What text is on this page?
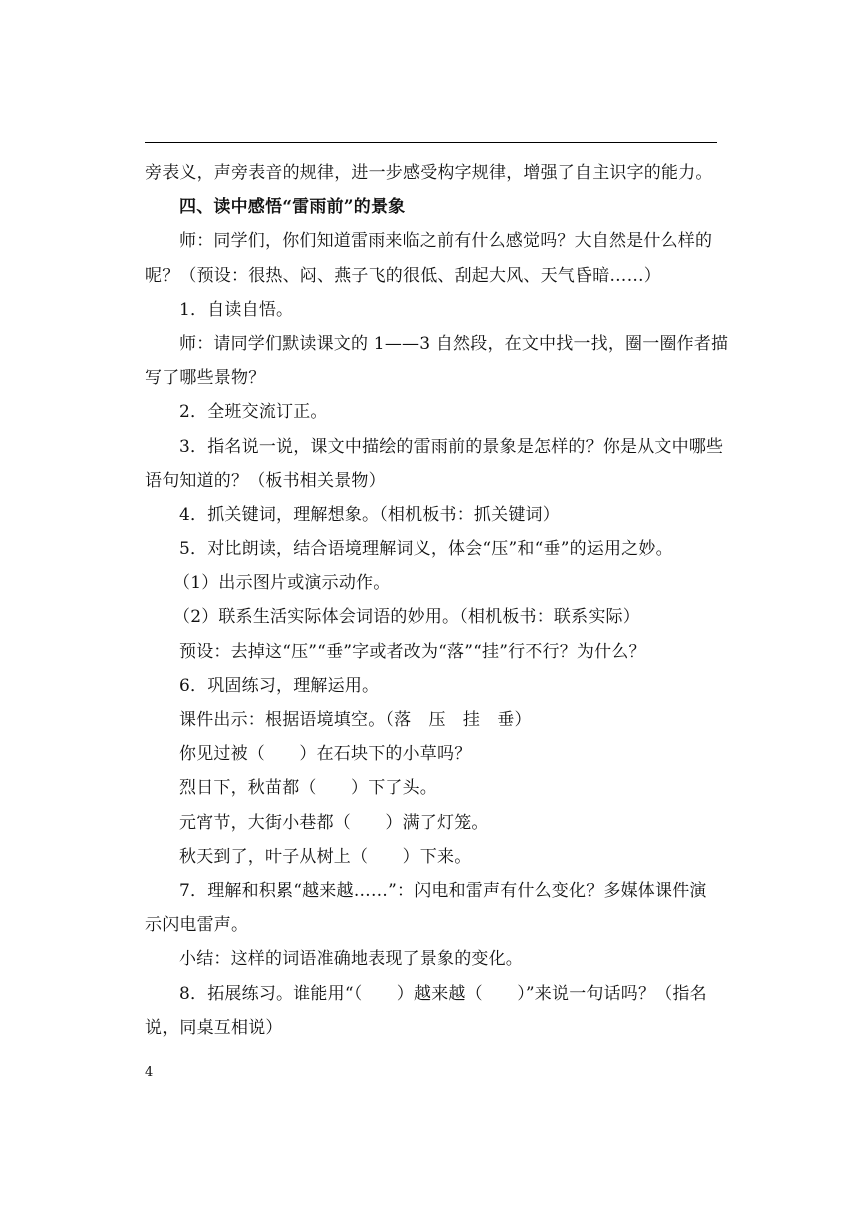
旁表义，声旁表音的规律，进一步感受构字规律，增强了自主识字的能力。
四、读中感悟“雷雨前”的景象
师：同学们，你们知道雷雨来临之前有什么感觉吗？大自然是什么样的
呢？（预设：很热、闷、燕子飞的很低、刮起大风、天气昏暗……）
1．自读自悟。
师：请同学们默读课文的 1——3 自然段，在文中找一找，圈一圈作者描
写了哪些景物？
2．全班交流订正。
3．指名说一说，课文中描绘的雷雨前的景象是怎样的？你是从文中哪些
语句知道的？（板书相关景物）
4．抓关键词，理解想象。（相机板书：抓关键词）
5．对比朗读，结合语境理解词义，体会“压”和“垂”的运用之妙。
（1）出示图片或演示动作。
（2）联系生活实际体会词语的妙用。（相机板书：联系实际）
预设：去掉这“压”“垂”字或者改为“落”“挂”行不行？为什么？
6．巩固练习，理解运用。
课件出示：根据语境填空。（落　压　挂　垂）
你见过被（　　）在石块下的小草吗？
烈日下，秋苗都（　　）下了头。
元宵节，大街小巷都（　　）满了灯笼。
秋天到了，叶子从树上（　　）下来。
7．理解和积累“越来越……”：闪电和雷声有什么变化？多媒体课件演
示闪电雷声。
小结：这样的词语准确地表现了景象的变化。
8．拓展练习。谁能用“（　　）越来越（　　）”来说一句话吗？（指名
说，同桌互相说）
4
